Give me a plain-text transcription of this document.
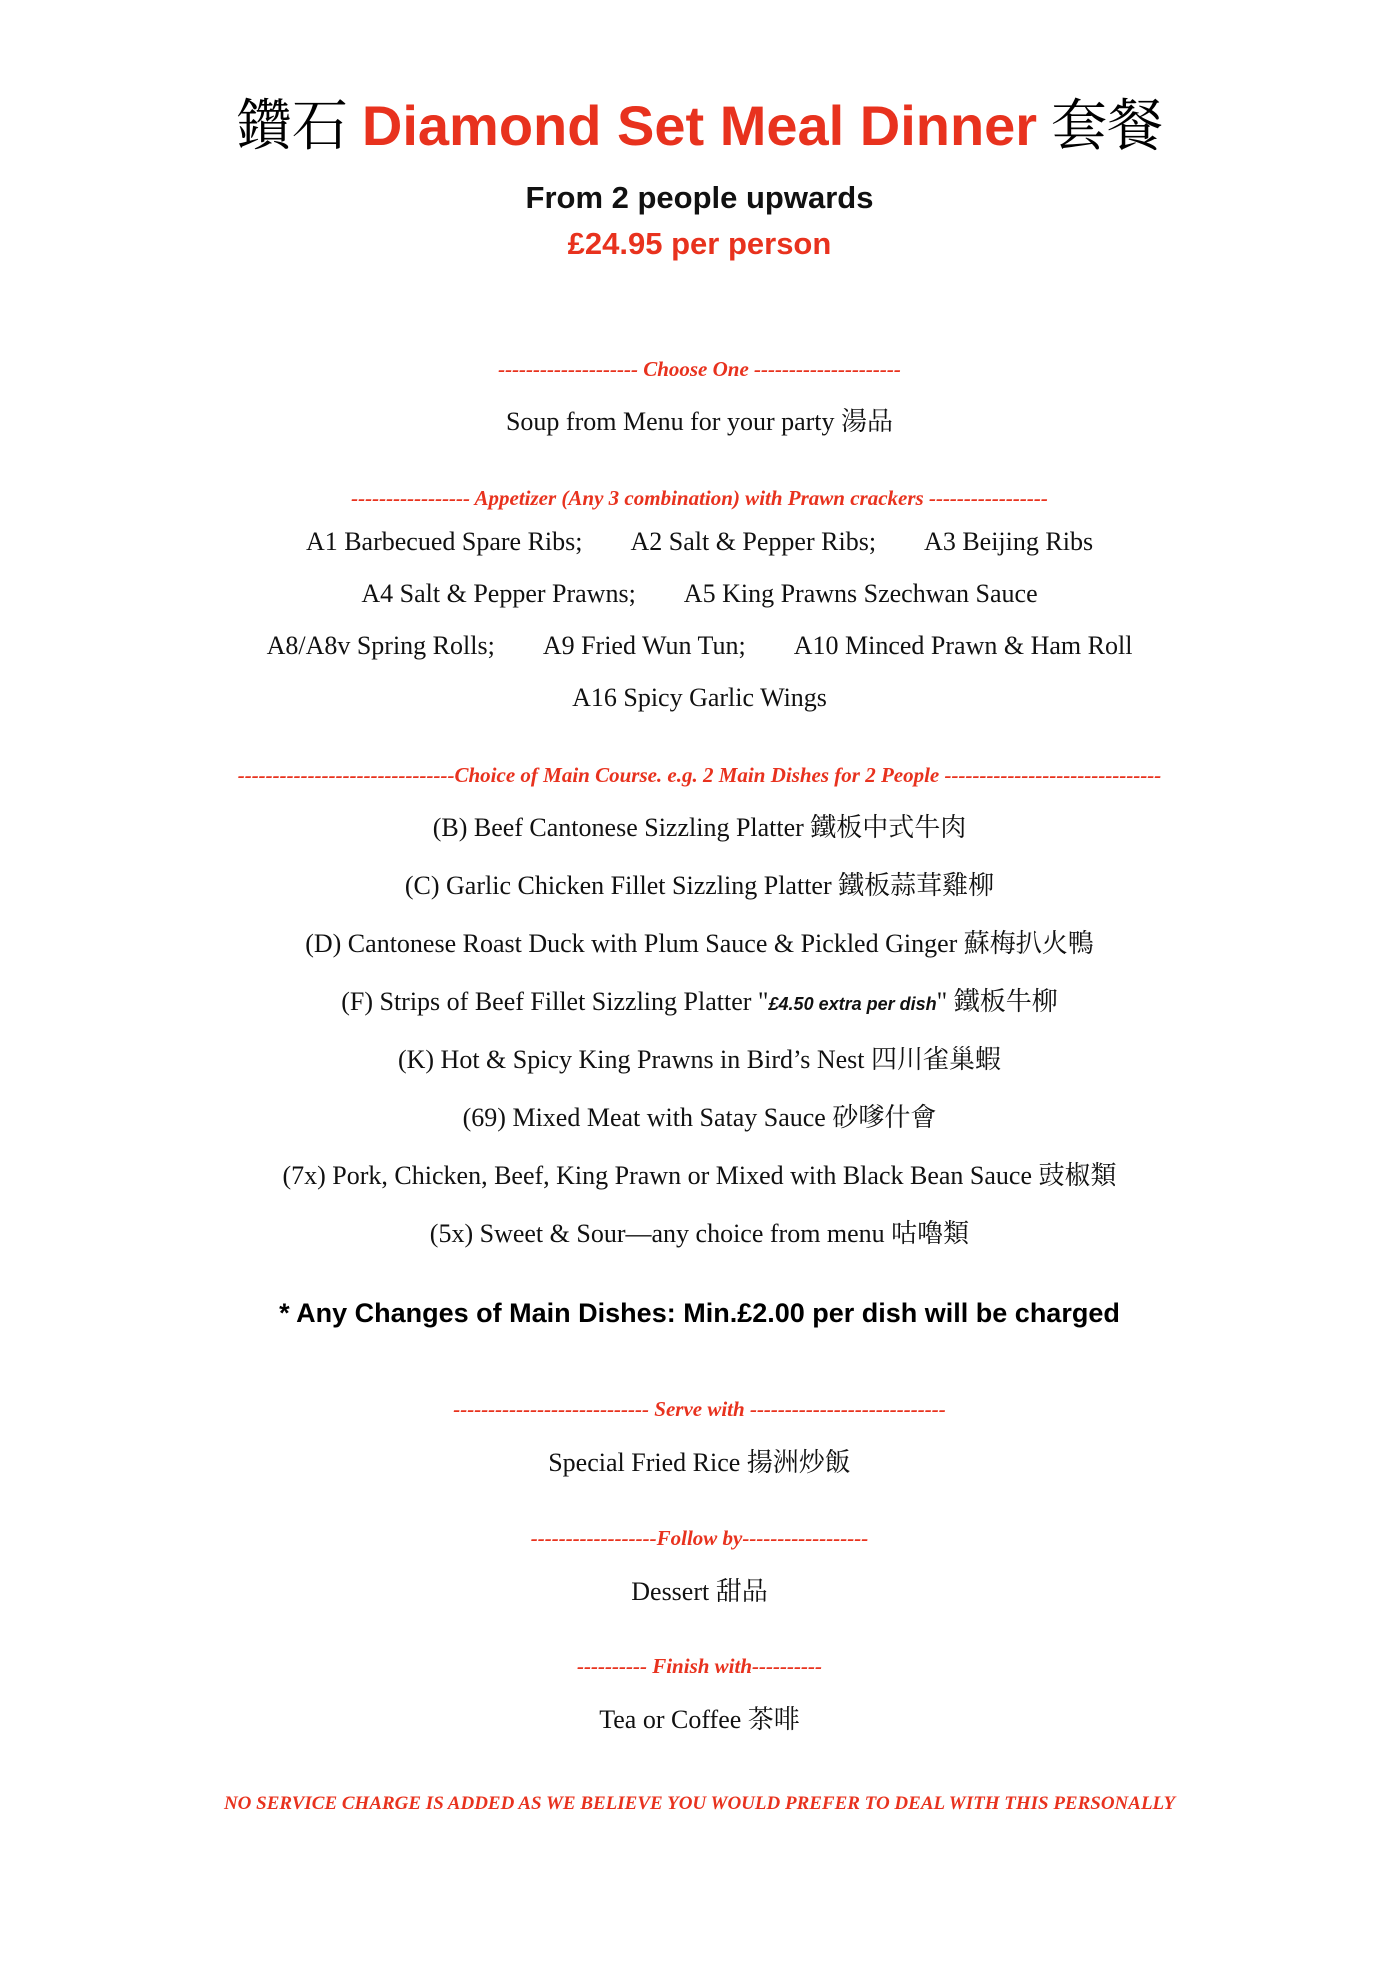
鑽石 Diamond Set Meal Dinner 套餐
From 2 people upwards
£24.95 per person
-------------------- Choose One ---------------------
Soup from Menu for your party 湯品
----------------- Appetizer (Any 3 combination) with Prawn crackers -----------------
A1 Barbecued Spare Ribs; A2 Salt & Pepper Ribs; A3 Beijing Ribs
A4 Salt & Pepper Prawns; A5 King Prawns Szechwan Sauce
A8/A8v Spring Rolls; A9 Fried Wun Tun; A10 Minced Prawn & Ham Roll
A16 Spicy Garlic Wings
-------------------------------Choice of Main Course. e.g. 2 Main Dishes for 2 People -------------------------------
(B) Beef Cantonese Sizzling Platter 鐵板中式牛肉
(C) Garlic Chicken Fillet Sizzling Platter 鐵板蒜茸雞柳
(D) Cantonese Roast Duck with Plum Sauce & Pickled Ginger 蘇梅扒火鴨
(F) Strips of Beef Fillet Sizzling Platter "£4.50 extra per dish" 鐵板牛柳
(K) Hot & Spicy King Prawns in Bird’s Nest 四川雀巢蝦
(69) Mixed Meat with Satay Sauce 砂嗲什會
(7x) Pork, Chicken, Beef, King Prawn or Mixed with Black Bean Sauce 豉椒類
(5x) Sweet & Sour—any choice from menu 咕嚕類
* Any Changes of Main Dishes: Min.£2.00 per dish will be charged
---------------------------- Serve with ----------------------------
Special Fried Rice 揚洲炒飯
------------------Follow by------------------
Dessert 甜品
---------- Finish with----------
Tea or Coffee 茶啡
NO SERVICE CHARGE IS ADDED AS WE BELIEVE YOU WOULD PREFER TO DEAL WITH THIS PERSONALLY
